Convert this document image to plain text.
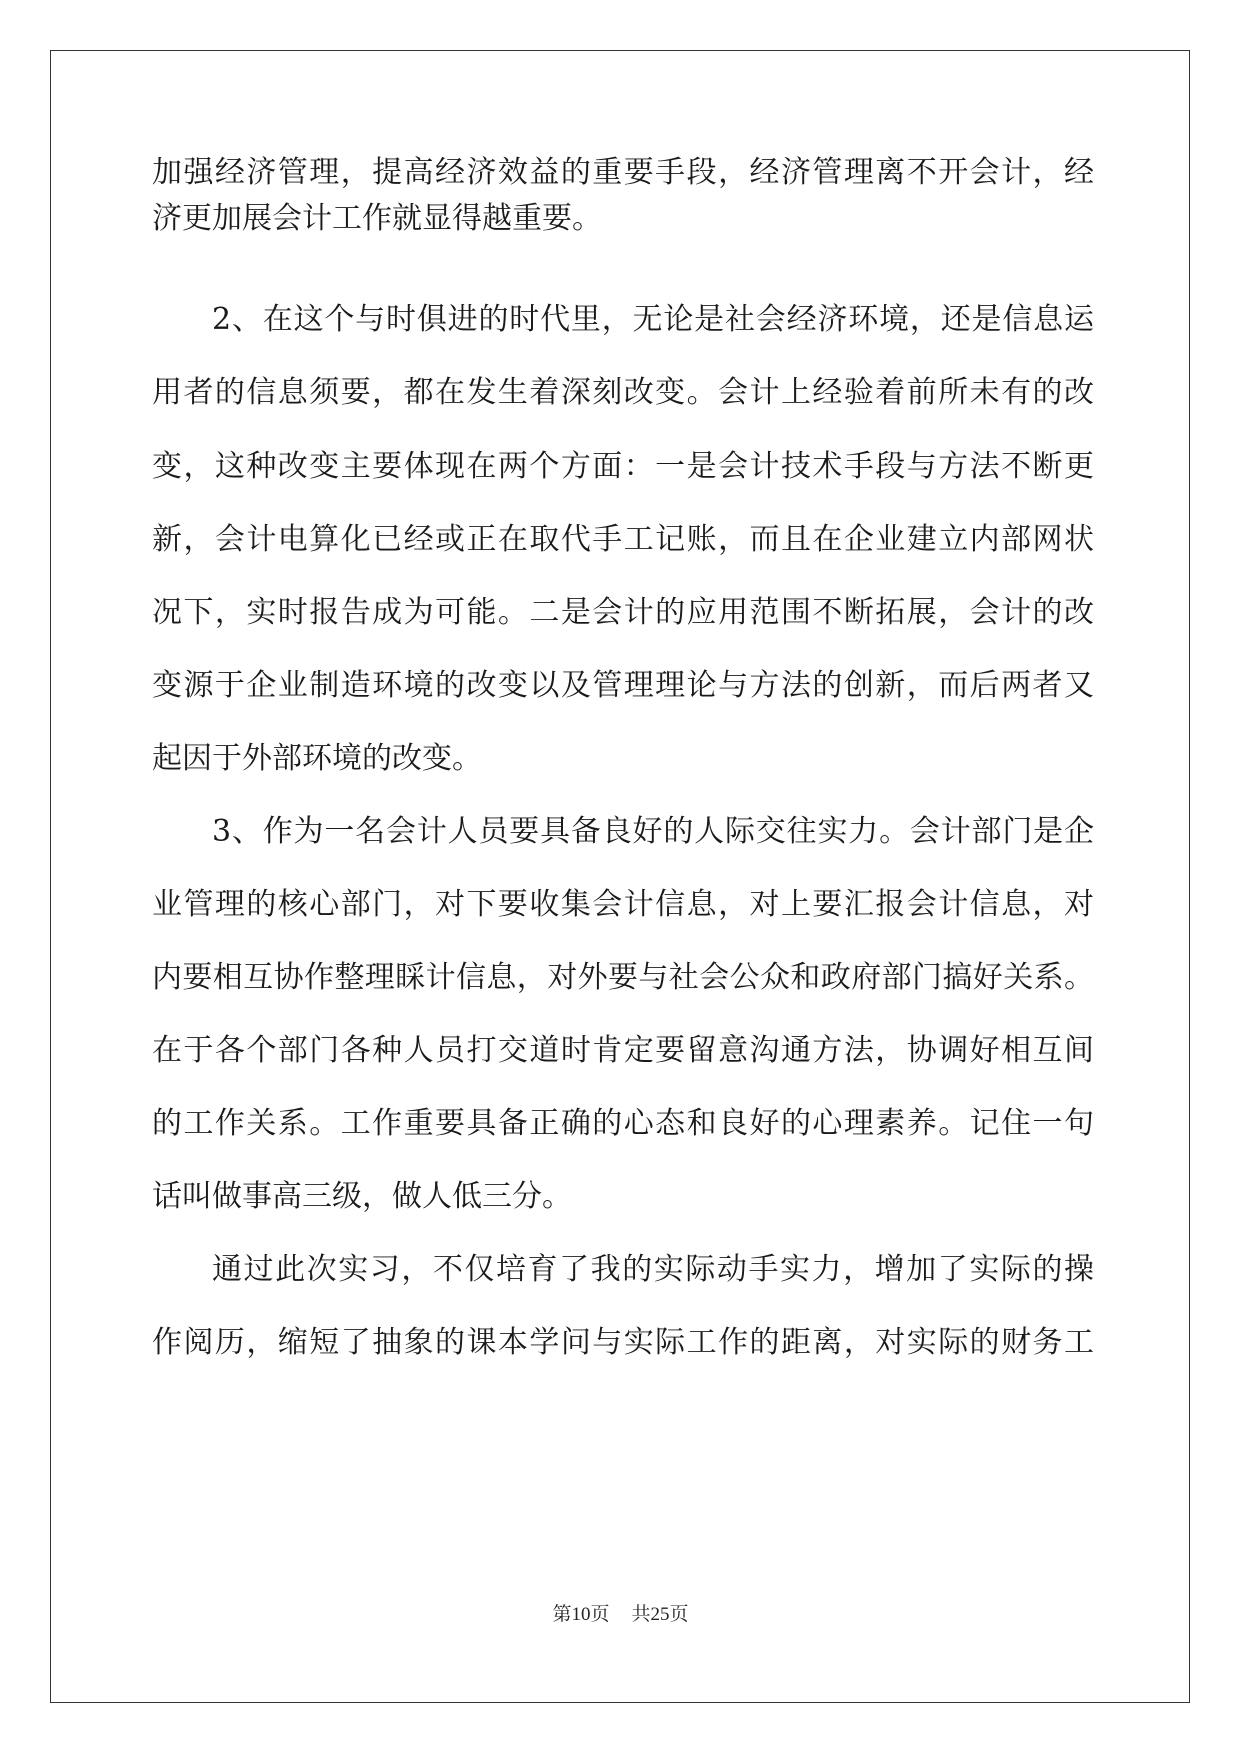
加强经济管理，提高经济效益的重要手段，经济管理离不开会计，经
济更加展会计工作就显得越重要。
2、在这个与时俱进的时代里，无论是社会经济环境，还是信息运
用者的信息须要，都在发生着深刻改变。会计上经验着前所未有的改
变，这种改变主要体现在两个方面：一是会计技术手段与方法不断更
新，会计电算化已经或正在取代手工记账，而且在企业建立内部网状
况下，实时报告成为可能。二是会计的应用范围不断拓展，会计的改
变源于企业制造环境的改变以及管理理论与方法的创新，而后两者又
起因于外部环境的改变。
3、作为一名会计人员要具备良好的人际交往实力。会计部门是企
业管理的核心部门，对下要收集会计信息，对上要汇报会计信息，对
内要相互协作整理睬计信息，对外要与社会公众和政府部门搞好关系。
在于各个部门各种人员打交道时肯定要留意沟通方法，协调好相互间
的工作关系。工作重要具备正确的心态和良好的心理素养。记住一句
话叫做事高三级，做人低三分。
通过此次实习，不仅培育了我的实际动手实力，增加了实际的操
作阅历，缩短了抽象的课本学问与实际工作的距离，对实际的财务工
第10页 共25页
